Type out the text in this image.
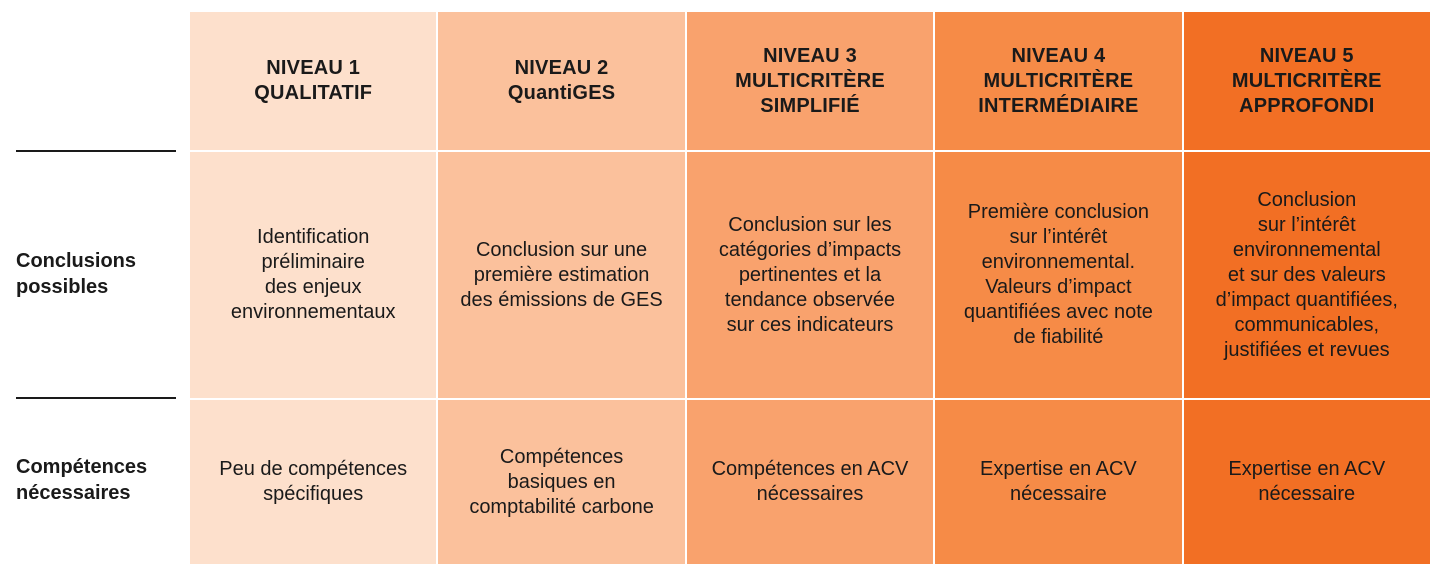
Conclusions
possibles
Compétences
nécessaires
NIVEAU 1
QUALITATIF
NIVEAU 2
QuantiGES
NIVEAU 3
MULTICRITÈRE
SIMPLIFIÉ
NIVEAU 4
MULTICRITÈRE
INTERMÉDIAIRE
NIVEAU 5
MULTICRITÈRE
APPROFONDI
Identification
préliminaire
des enjeux
environnementaux
Conclusion sur une
première estimation
des émissions de GES
Conclusion sur les
catégories d’impacts
pertinentes et la
tendance observée
sur ces indicateurs
Première conclusion
sur l’intérêt
environnemental.
Valeurs d’impact
quantifiées avec note
de fiabilité
Conclusion
sur l’intérêt
environnemental
et sur des valeurs
d’impact quantifiées,
communicables,
justifiées et revues
Peu de compétences
spécifiques
Compétences
basiques en
comptabilité carbone
Compétences en ACV
nécessaires
Expertise en ACV
nécessaire
Expertise en ACV
nécessaire
